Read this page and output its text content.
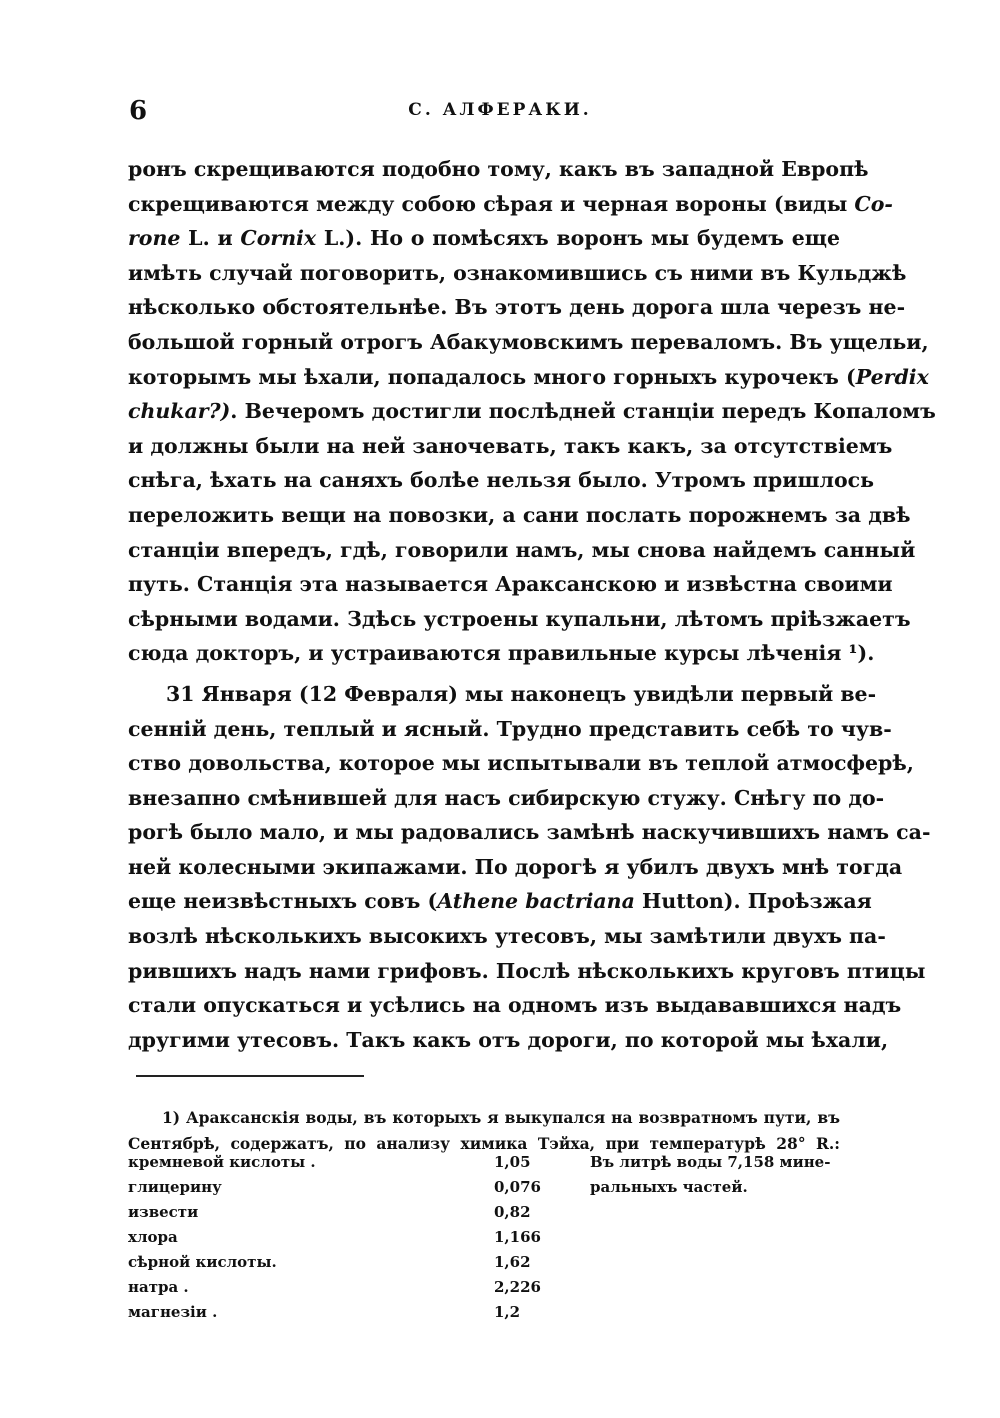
6	С. АЛФЕРАКИ.
ронъ скрещиваются подобно тому, какъ въ западной Европѣ
скрещиваются между собою сѣрая и черная вороны (виды Co-
rone L. и Cornix L.). Но о помѣсяхъ воронъ мы будемъ еще
имѣть случай поговорить, ознакомившись съ ними въ Кульджѣ
нѣсколько обстоятельнѣе. Въ этотъ день дорога шла черезъ не-
большой горный отрогъ Абакумовскимъ переваломъ. Въ ущельи,
которымъ мы ѣхали, попадалось много горныхъ курочекъ (Perdix
chukar?). Вечеромъ достигли послѣдней станціи передъ Копаломъ
и должны были на ней заночевать, такъ какъ, за отсутствіемъ
снѣга, ѣхать на саняхъ болѣе нельзя было. Утромъ пришлось
переложить вещи на повозки, а сани послать порожнемъ за двѣ
станціи впередъ, гдѣ, говорили намъ, мы снова найдемъ санный
путь. Станція эта называется Араксанскою и извѣстна своими
сѣрными водами. Здѣсь устроены купальни, лѣтомъ пріѣзжаетъ
сюда докторъ, и устраиваются правильные курсы лѣченія ¹).
31 Января (12 Февраля) мы наконецъ увидѣли первый ве-
сенній день, теплый и ясный. Трудно представить себѣ то чув-
ство довольства, которое мы испытывали въ теплой атмосферѣ,
внезапно смѣнившей для насъ сибирскую стужу. Снѣгу по до-
рогѣ было мало, и мы радовались замѣнѣ наскучившихъ намъ са-
ней колесными экипажами. По дорогѣ я убилъ двухъ мнѣ тогда
еще неизвѣстныхъ совъ (Athene bactriana Hutton). Проѣзжая
возлѣ нѣсколькихъ высокихъ утесовъ, мы замѣтили двухъ па-
рившихъ надъ нами грифовъ. Послѣ нѣсколькихъ круговъ птицы
стали опускаться и усѣлись на одномъ изъ выдававшихся надъ
другими утесовъ. Такъ какъ отъ дороги, по которой мы ѣхали,
1) Араксанскія воды, въ которыхъ я выкупался на возвратномъ пути, въ
Сентябрѣ, содержатъ, по анализу химика Тэйха, при температурѣ 28° R.:
кремневой кислоты .	1,05	Въ литрѣ воды 7,158 мине-
глицерину	0,076	ральныхъ частей.
извести	0,82
хлора	1,166
сѣрной кислоты.	1,62
натра .	2,226
магнезіи .	1,2
